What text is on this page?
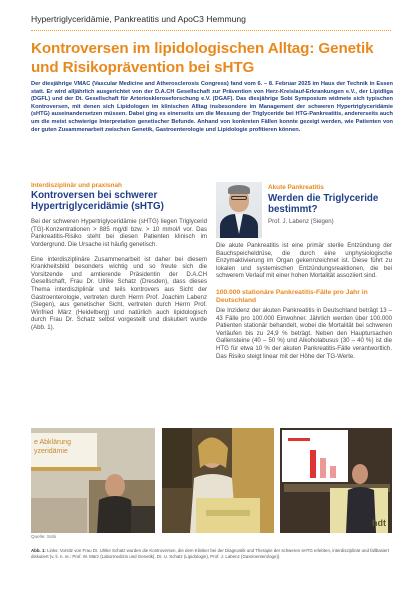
Hypertriglyceridämie, Pankreatitis und ApoC3 Hemmung
Kontroversen im lipidologischen Alltag: Genetik und Risikoprävention bei sHTG
Der diesjährige VMAC (Vascular Medicine and Atherosclerosis Congress) fand vom 6. – 8. Februar 2025 im Haus der Technik in Essen statt. Er wird alljährlich ausgerichtet von der D.A.CH Gesellschaft zur Prävention von Herz-Kreislauf-Erkrankungen e.V., der Lipidliga (DGFL) und der Dt. Gesellschaft für Arterioskleroseforschung e.V. (DGAF). Das diesjährige Sobi Symposium widmete sich typischen Kontroversen, mit denen sich Lipidologen im klinischen Alltag insbesondere im Management der schweren Hypertriglyceridämie (sHTG) auseinandersetzen müssen. Dabei ging es einerseits um die Messung der Triglyceride bei HTG-Pankreatitis, andererseits auch um die meist schwierige Interpretation genetischer Befunde. Anhand von konkreten Fällen konnte gezeigt werden, wie Patienten von der guten Zusammenarbeit zwischen Genetik, Gastroenterologie und Lipidologie profitieren können.
Interdisziplinär und praxisnah
Kontroversen bei schwerer Hypertriglyceridämie (sHTG)

Bei der schweren Hypertriglyceridämie (sHTG) liegen Triglycerid (TG)-Konzentrationen > 885 mg/dl bzw. > 10 mmol/l vor. Das Pankreatitis-Risiko steht bei diesen Patienten klinisch im Vordergrund. Die Ursache ist häufig genetisch.

Eine interdisziplinäre Zusammenarbeit ist daher bei diesem Krankheitsbild besonders wichtig und so freute sich die Vorsitzende und amtierende Präsidentin der D.A.CH Gesellschaft, Frau Dr. Ulrike Schatz (Dresden), dass dieses Thema interdisziplinär und teils kontrovers aus Sicht der Gastroenterologie, vertreten durch Herrn Prof. Joachim Labenz (Siegen), aus genetischer Sicht, vertreten durch Herrn Prof. Winfried März (Heidelberg) und natürlich auch lipidologisch durch Frau Dr. Schatz selbst vorgestellt und diskutiert wurde (Abb. 1).

Akute Pankreatitis
Werden die Triglyceride bestimmt?
Prof. J. Labenz (Siegen)

Die akute Pankreatitis ist eine primär sterile Entzündung der Bauchspeicheldrüse, die durch eine unphysiologische Enzymaktivierung im Organ gekennzeichnet ist. Diese führt zu lokalen und systemischen Entzündungsreaktionen, die bei schwerem Verlauf mit einer hohen Mortalität assoziiert sind.

100.000 stationäre Pankreatitis-Fälle pro Jahr in Deutschland

Die Inzidenz der akuten Pankreatitis in Deutschland beträgt 13 – 43 Fälle pro 100.000 Einwohner. Jährlich werden über 100.000 Patienten stationär behandelt, wobei die Mortalität bei schweren Verläufen bis zu 24,9 % beträgt. Neben den Hauptursachen Gallensteine (40 – 50 %) und Alkoholabusus (30 – 40 %) ist die HTG für etwa 10 % der akuten Pankreatitis-Fälle verantwortlich. Das Risiko steigt linear mit der Höhe der TG-Werte.

e Abklärung yzeridämie
hdt
Quelle: Sobi
Abb. 1: Links: Vorsitz von Frau Dr. Ulrike Schatz wurden die Kontroversen, die dem Kliniker bei der Diagnostik und Therapie der schweren sHTG erlebten, interdisziplinär und fallbasiert diskutiert (v. li. n. re.: Prof. W. März (Labormedizin und Genetik), Dr. U. Schatz (Lipidologin), Prof. J. Labenz (Gastroenterologe)).
